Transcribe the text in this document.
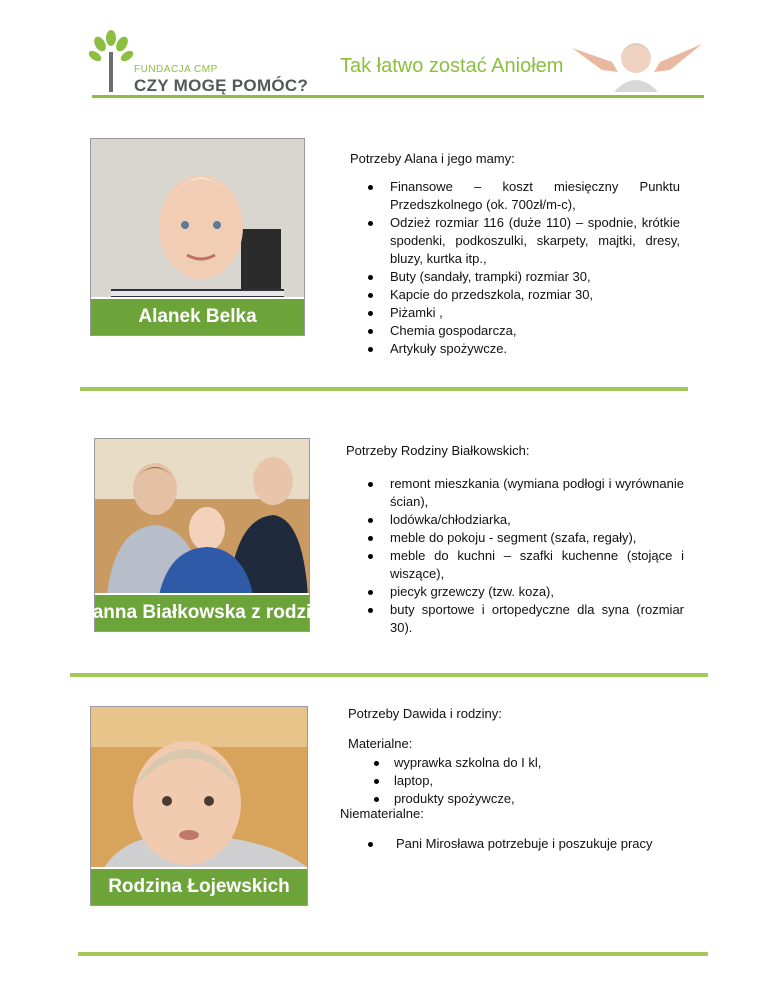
FUNDACJA CMP
CZY MOGĘ POMÓC?
Tak łatwo zostać Aniołem
Alanek Belka
Potrzeby Alana i jego mamy:
Finansowe – koszt miesięczny Punktu Przedszkolnego (ok. 700zł/m-c),
Odzież rozmiar 116 (duże 110) – spodnie, krótkie spodenki, podkoszulki, skarpety, majtki, dresy, bluzy, kurtka itp.,
Buty (sandały, trampki) rozmiar 30,
Kapcie do przedszkola, rozmiar 30,
Piżamki ,
Chemia gospodarcza,
Artykuły spożywcze.
Joanna Białkowska z rodziną
Potrzeby Rodziny Białkowskich:
remont mieszkania (wymiana podłogi i wyrównanie ścian),
lodówka/chłodziarka,
meble do pokoju - segment (szafa, regały),
meble do kuchni – szafki kuchenne (stojące i wiszące),
piecyk grzewczy (tzw. koza),
buty sportowe i ortopedyczne dla syna (rozmiar 30).
Rodzina Łojewskich
Potrzeby Dawida i rodziny:
Materialne:
wyprawka szkolna do I kl,
laptop,
produkty spożywcze,
Niematerialne:
Pani Mirosława potrzebuje i poszukuje pracy
